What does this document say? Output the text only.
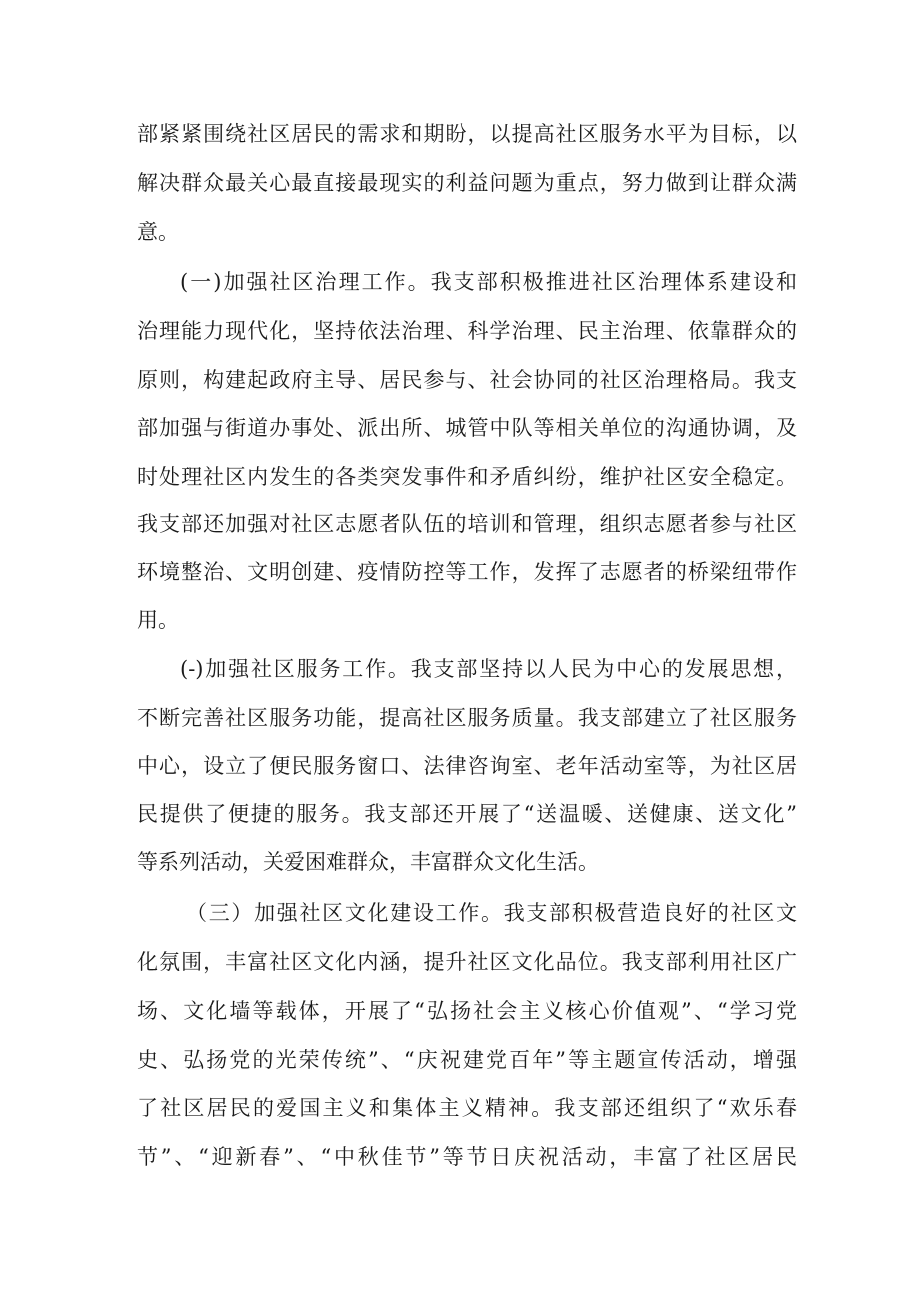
部紧紧围绕社区居民的需求和期盼，以提高社区服务水平为目标，以
解决群众最关心最直接最现实的利益问题为重点，努力做到让群众满
意。
(一)加强社区治理工作。我支部积极推进社区治理体系建设和
治理能力现代化，坚持依法治理、科学治理、民主治理、依靠群众的
原则，构建起政府主导、居民参与、社会协同的社区治理格局。我支
部加强与街道办事处、派出所、城管中队等相关单位的沟通协调，及
时处理社区内发生的各类突发事件和矛盾纠纷，维护社区安全稳定。
我支部还加强对社区志愿者队伍的培训和管理，组织志愿者参与社区
环境整治、文明创建、疫情防控等工作，发挥了志愿者的桥梁纽带作
用。
(-)加强社区服务工作。我支部坚持以人民为中心的发展思想，
不断完善社区服务功能，提高社区服务质量。我支部建立了社区服务
中心，设立了便民服务窗口、法律咨询室、老年活动室等，为社区居
民提供了便捷的服务。我支部还开展了“送温暖、送健康、送文化”
等系列活动，关爱困难群众，丰富群众文化生活。
（三）加强社区文化建设工作。我支部积极营造良好的社区文
化氛围，丰富社区文化内涵，提升社区文化品位。我支部利用社区广
场、文化墙等载体，开展了“弘扬社会主义核心价值观”、“学习党
史、弘扬党的光荣传统”、“庆祝建党百年”等主题宣传活动，增强
了社区居民的爱国主义和集体主义精神。我支部还组织了“欢乐春
节”、“迎新春”、“中秋佳节”等节日庆祝活动，丰富了社区居民
